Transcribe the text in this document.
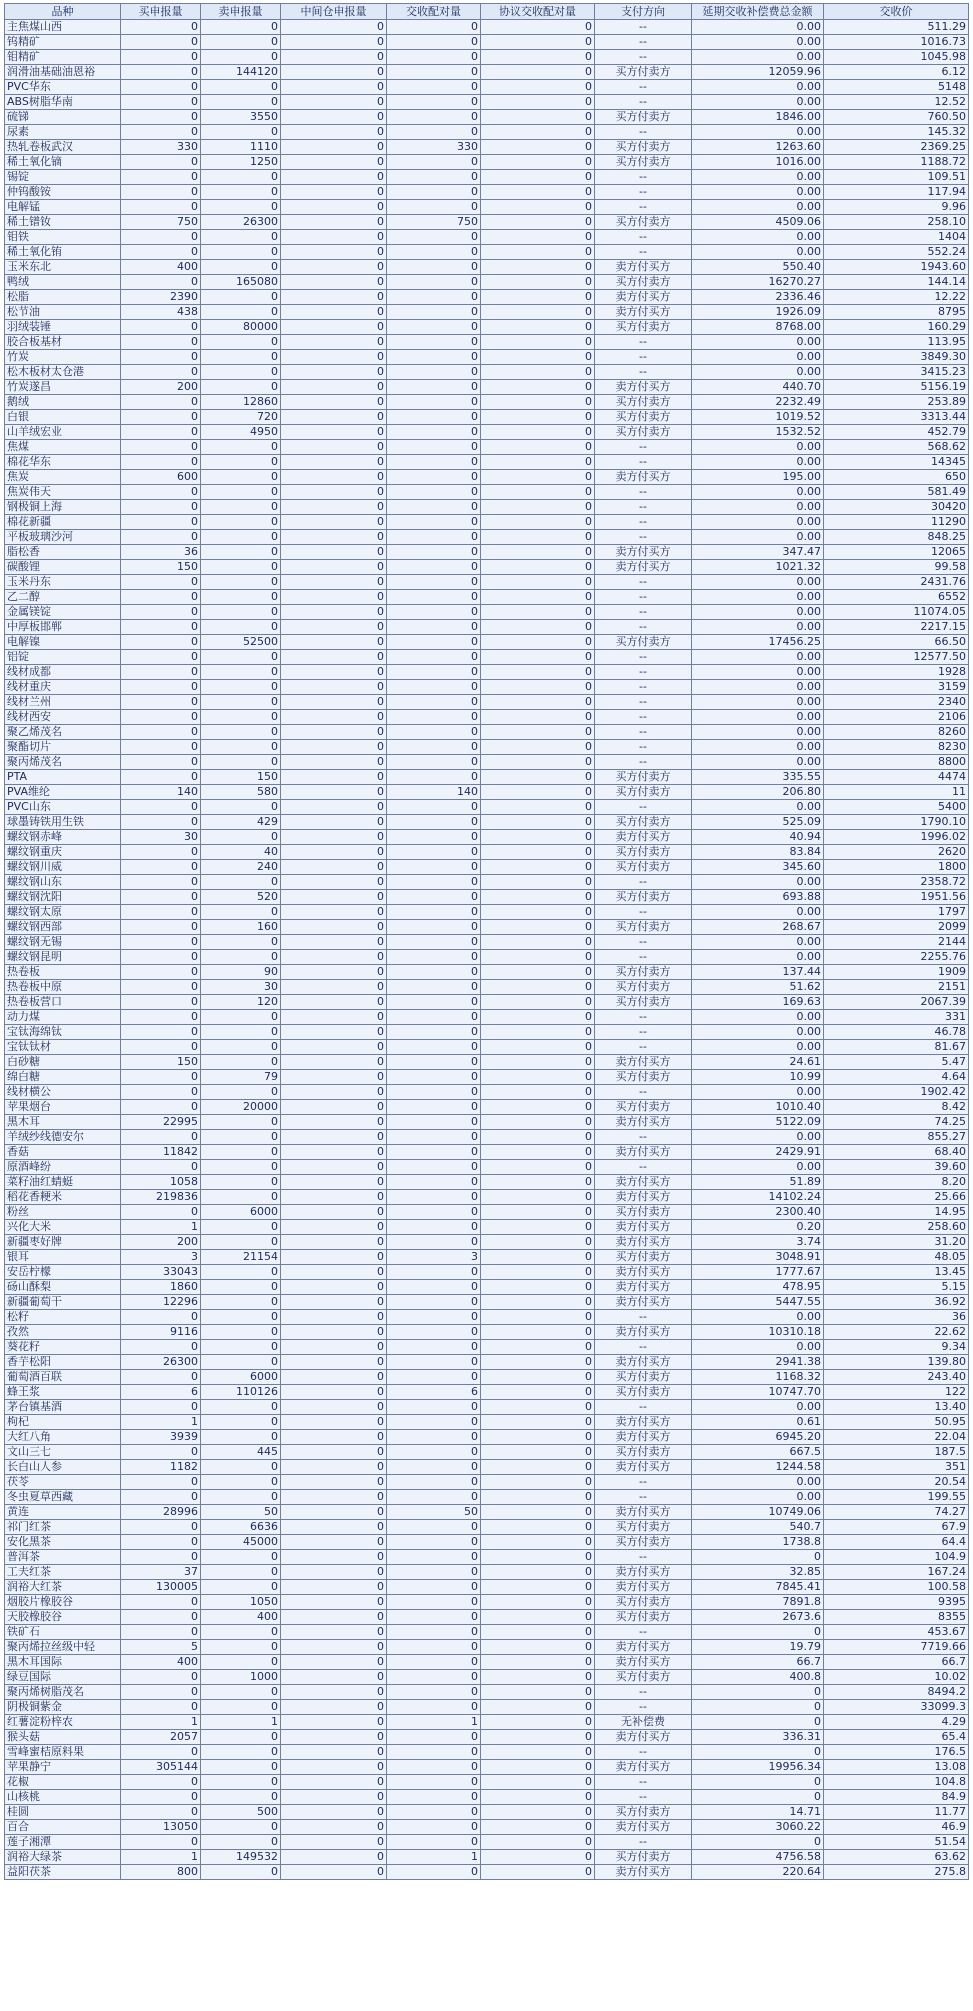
品种	买申报量	卖申报量	中间仓申报量	交收配对量	协议交收配对量	支付方向	延期交收补偿费总金额	交收价
主焦煤山西	0	0	0	0	0	--	0.00	511.29
钨精矿	0	0	0	0	0	--	0.00	1016.73
钼精矿	0	0	0	0	0	--	0.00	1045.98
润滑油基础油恩裕	0	144120	0	0	0	买方付卖方	12059.96	6.12
PVC华东	0	0	0	0	0	--	0.00	5148
ABS树脂华南	0	0	0	0	0	--	0.00	12.52
硫锑	0	3550	0	0	0	买方付卖方	1846.00	760.50
尿素	0	0	0	0	0	--	0.00	145.32
热轧卷板武汉	330	1110	0	330	0	买方付卖方	1263.60	2369.25
稀土氧化镝	0	1250	0	0	0	买方付卖方	1016.00	1188.72
锡锭	0	0	0	0	0	--	0.00	109.51
仲钨酸铵	0	0	0	0	0	--	0.00	117.94
电解锰	0	0	0	0	0	--	0.00	9.96
稀土镨钕	750	26300	0	750	0	买方付卖方	4509.06	258.10
钼铁	0	0	0	0	0	--	0.00	1404
稀土氧化铕	0	0	0	0	0	--	0.00	552.24
玉米东北	400	0	0	0	0	卖方付买方	550.40	1943.60
鸭绒	0	165080	0	0	0	买方付卖方	16270.27	144.14
松脂	2390	0	0	0	0	卖方付买方	2336.46	12.22
松节油	438	0	0	0	0	卖方付买方	1926.09	8795
羽绒装锤	0	80000	0	0	0	买方付卖方	8768.00	160.29
胶合板基材	0	0	0	0	0	--	0.00	113.95
竹炭	0	0	0	0	0	--	0.00	3849.30
松木板材太仓港	0	0	0	0	0	--	0.00	3415.23
竹炭遂昌	200	0	0	0	0	卖方付买方	440.70	5156.19
鹅绒	0	12860	0	0	0	买方付卖方	2232.49	253.89
白银	0	720	0	0	0	买方付卖方	1019.52	3313.44
山羊绒宏业	0	4950	0	0	0	买方付卖方	1532.52	452.79
焦煤	0	0	0	0	0	--	0.00	568.62
棉花华东	0	0	0	0	0	--	0.00	14345
焦炭	600	0	0	0	0	卖方付买方	195.00	650
焦炭伟天	0	0	0	0	0	--	0.00	581.49
钢极铜上海	0	0	0	0	0	--	0.00	30420
棉花新疆	0	0	0	0	0	--	0.00	11290
平板玻璃沙河	0	0	0	0	0	--	0.00	848.25
脂松香	36	0	0	0	0	卖方付买方	347.47	12065
碳酸锂	150	0	0	0	0	卖方付买方	1021.32	99.58
玉米丹东	0	0	0	0	0	--	0.00	2431.76
乙二醇	0	0	0	0	0	--	0.00	6552
金属镁锭	0	0	0	0	0	--	0.00	11074.05
中厚板邯郸	0	0	0	0	0	--	0.00	2217.15
电解镍	0	52500	0	0	0	买方付卖方	17456.25	66.50
铝锭	0	0	0	0	0	--	0.00	12577.50
线材成都	0	0	0	0	0	--	0.00	1928
线材重庆	0	0	0	0	0	--	0.00	3159
线材兰州	0	0	0	0	0	--	0.00	2340
线材西安	0	0	0	0	0	--	0.00	2106
聚乙烯茂名	0	0	0	0	0	--	0.00	8260
聚酯切片	0	0	0	0	0	--	0.00	8230
聚丙烯茂名	0	0	0	0	0	--	0.00	8800
PTA	0	150	0	0	0	买方付卖方	335.55	4474
PVA维纶	140	580	0	140	0	买方付卖方	206.80	11
PVC山东	0	0	0	0	0	--	0.00	5400
球墨铸铁用生铁	0	429	0	0	0	买方付卖方	525.09	1790.10
螺纹钢赤峰	30	0	0	0	0	卖方付买方	40.94	1996.02
螺纹钢重庆	0	40	0	0	0	买方付卖方	83.84	2620
螺纹钢川威	0	240	0	0	0	买方付卖方	345.60	1800
螺纹钢山东	0	0	0	0	0	--	0.00	2358.72
螺纹钢沈阳	0	520	0	0	0	买方付卖方	693.88	1951.56
螺纹钢太原	0	0	0	0	0	--	0.00	1797
螺纹钢西部	0	160	0	0	0	买方付卖方	268.67	2099
螺纹钢无锡	0	0	0	0	0	--	0.00	2144
螺纹钢昆明	0	0	0	0	0	--	0.00	2255.76
热卷板	0	90	0	0	0	买方付卖方	137.44	1909
热卷板中原	0	30	0	0	0	买方付卖方	51.62	2151
热卷板营口	0	120	0	0	0	买方付卖方	169.63	2067.39
动力煤	0	0	0	0	0	--	0.00	331
宝钛海绵钛	0	0	0	0	0	--	0.00	46.78
宝钛钛材	0	0	0	0	0	--	0.00	81.67
白砂糖	150	0	0	0	0	卖方付买方	24.61	5.47
绵白糖	0	79	0	0	0	买方付卖方	10.99	4.64
线材横公	0	0	0	0	0	--	0.00	1902.42
苹果烟台	0	20000	0	0	0	买方付卖方	1010.40	8.42
黑木耳	22995	0	0	0	0	卖方付买方	5122.09	74.25
羊绒纱线德安尔	0	0	0	0	0	--	0.00	855.27
香菇	11842	0	0	0	0	卖方付买方	2429.91	68.40
原酒峰纷	0	0	0	0	0	--	0.00	39.60
菜籽油红蜻蜓	1058	0	0	0	0	卖方付买方	51.89	8.20
稻花香粳米	219836	0	0	0	0	卖方付买方	14102.24	25.66
粉丝	0	6000	0	0	0	买方付卖方	2300.40	14.95
兴化大米	1	0	0	0	0	卖方付买方	0.20	258.60
新疆枣好牌	200	0	0	0	0	卖方付买方	3.74	31.20
银耳	3	21154	0	3	0	买方付卖方	3048.91	48.05
安岳柠檬	33043	0	0	0	0	卖方付买方	1777.67	13.45
砀山酥梨	1860	0	0	0	0	卖方付买方	478.95	5.15
新疆葡萄干	12296	0	0	0	0	卖方付买方	5447.55	36.92
松籽	0	0	0	0	0	--	0.00	36
孜然	9116	0	0	0	0	卖方付买方	10310.18	22.62
葵花籽	0	0	0	0	0	--	0.00	9.34
香芋松阳	26300	0	0	0	0	卖方付买方	2941.38	139.80
葡萄酒百联	0	6000	0	0	0	买方付卖方	1168.32	243.40
蜂王浆	6	110126	0	6	0	买方付卖方	10747.70	122
茅台镇基酒	0	0	0	0	0	--	0.00	13.40
枸杞	1	0	0	0	0	卖方付买方	0.61	50.95
大红八角	3939	0	0	0	0	卖方付买方	6945.20	22.04
文山三七	0	445	0	0	0	买方付卖方	667.5	187.5
长白山人参	1182	0	0	0	0	卖方付买方	1244.58	351
茯苓	0	0	0	0	0	--	0.00	20.54
冬虫夏草西藏	0	0	0	0	0	--	0.00	199.55
黄连	28996	50	0	50	0	卖方付买方	10749.06	74.27
祁门红茶	0	6636	0	0	0	买方付卖方	540.7	67.9
安化黑茶	0	45000	0	0	0	买方付卖方	1738.8	64.4
普洱茶	0	0	0	0	0	--	0	104.9
工夫红茶	37	0	0	0	0	卖方付买方	32.85	167.24
润裕大红茶	130005	0	0	0	0	卖方付买方	7845.41	100.58
烟胶片橡胶谷	0	1050	0	0	0	买方付卖方	7891.8	9395
天胶橡胶谷	0	400	0	0	0	买方付卖方	2673.6	8355
铁矿石	0	0	0	0	0	--	0	453.67
聚丙烯拉丝级中轻	5	0	0	0	0	卖方付买方	19.79	7719.66
黑木耳国际	400	0	0	0	0	卖方付买方	66.7	66.7
绿豆国际	0	1000	0	0	0	买方付卖方	400.8	10.02
聚丙烯树脂茂名	0	0	0	0	0	--	0	8494.2
阴极铜紫金	0	0	0	0	0	--	0	33099.3
红薯淀粉梓农	1	1	0	1	0	无补偿费	0	4.29
猴头菇	2057	0	0	0	0	卖方付买方	336.31	65.4
雪峰蜜桔原料果	0	0	0	0	0	--	0	176.5
苹果静宁	305144	0	0	0	0	卖方付买方	19956.34	13.08
花椒	0	0	0	0	0	--	0	104.8
山核桃	0	0	0	0	0	--	0	84.9
桂圆	0	500	0	0	0	买方付卖方	14.71	11.77
百合	13050	0	0	0	0	卖方付买方	3060.22	46.9
莲子湘潭	0	0	0	0	0	--	0	51.54
润裕大绿茶	1	149532	0	1	0	买方付卖方	4756.58	63.62
益阳茯茶	800	0	0	0	0	卖方付买方	220.64	275.8
